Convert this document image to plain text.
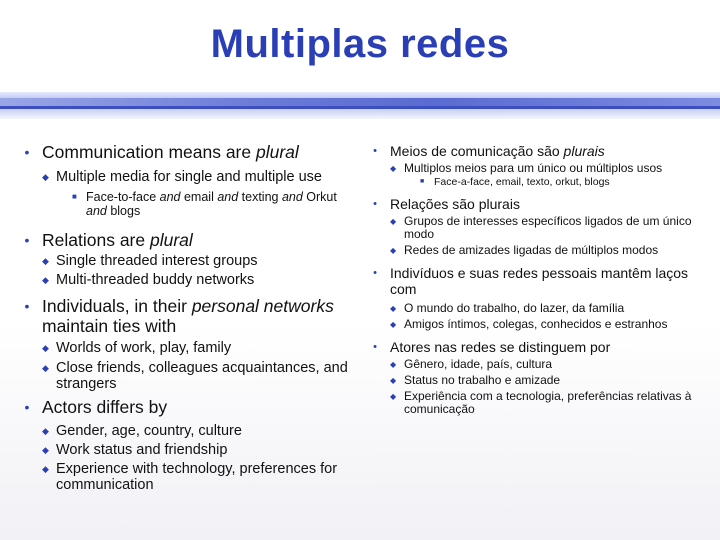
Multiplas redes
• Communication means are plural
◆ Multiple media for single and multiple use
■ Face-to-face and email and texting and Orkut and blogs
• Relations are plural
◆ Single threaded interest groups
◆ Multi-threaded buddy networks
• Individuals, in their personal networks maintain ties with
◆ Worlds of work, play, family
◆ Close friends, colleagues acquaintances, and strangers
• Actors differs by
◆ Gender, age, country, culture
◆ Work status and friendship
◆ Experience with technology, preferences for communication
• Meios de comunicação são plurais
◆ Multiplos meios para um único ou múltiplos usos
■ Face-a-face, email, texto, orkut, blogs
• Relações são plurais
◆ Grupos de interesses específicos ligados de um único modo
◆ Redes de amizades ligadas de múltiplos modos
• Indivíduos e suas redes pessoais mantêm laços com
◆ O mundo do trabalho, do lazer, da família
◆ Amigos íntimos, colegas, conhecidos e estranhos
• Atores nas redes se distinguem por
◆ Gênero, idade, país, cultura
◆ Status no trabalho e amizade
◆ Experiência com a tecnologia, preferências relativas à comunicação
